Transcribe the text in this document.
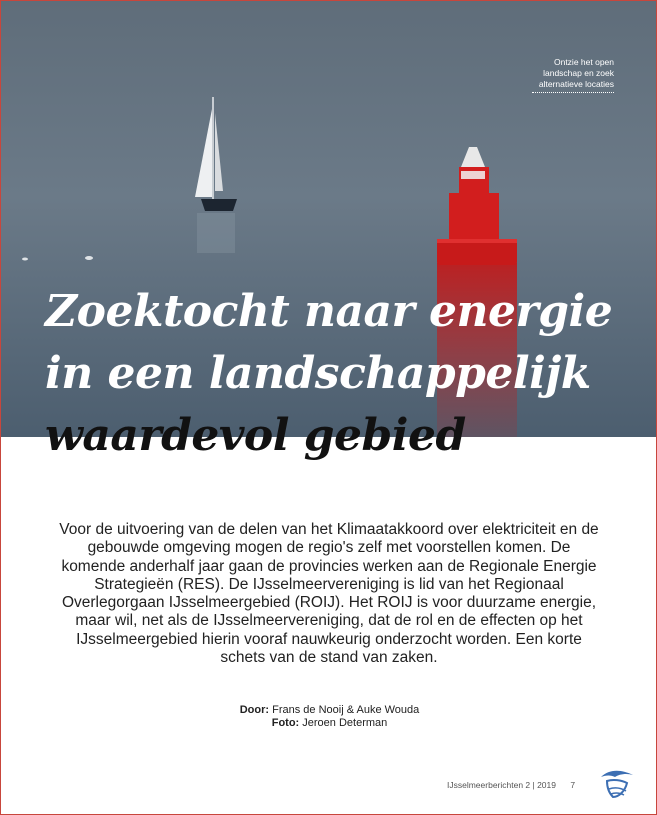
Ontzie het open landschap en zoek alternatieve locaties
Zoektocht naar energie
in een landschappelijk
waardevol gebied

Voor de uitvoering van de delen van het Klimaatakkoord over elektriciteit en de gebouwde omgeving mogen de regio's zelf met voorstellen komen. De komende anderhalf jaar gaan de provincies werken aan de Regionale Energie Strategieën (RES). De IJsselmeervereniging is lid van het Regionaal Overlegorgaan IJsselmeergebied (ROIJ). Het ROIJ is voor duurzame energie, maar wil, net als de IJsselmeervereniging, dat de rol en de effecten op het IJsselmeergebied hierin vooraf nauwkeurig onderzocht worden. Een korte schets van de stand van zaken.

Door: Frans de Nooij & Auke Wouda
Foto: Jeroen Determan
IJsselmeerberichten 2 | 2019 7
